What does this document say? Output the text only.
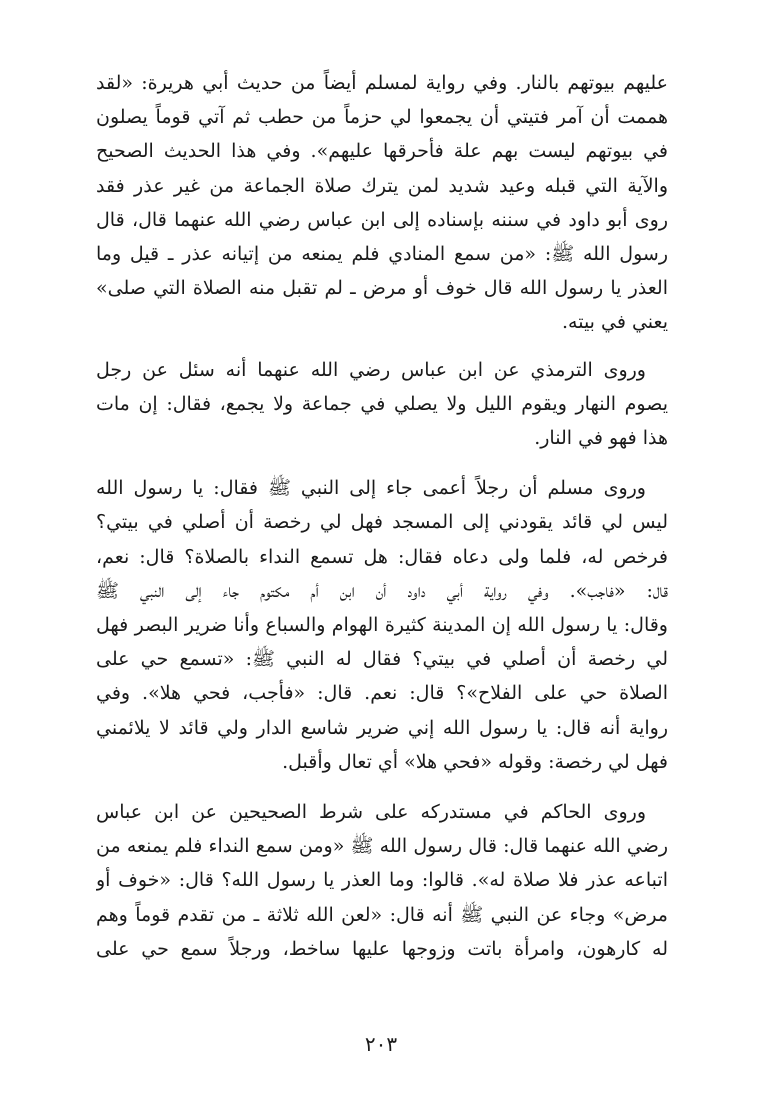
عليهم بيوتهم بالنار. وفي رواية لمسلم أيضاً من حديث أبي هريرة: «لقد
هممت أن آمر فتيتي أن يجمعوا لي حزماً من حطب ثم آتي قوماً يصلون
في بيوتهم ليست بهم علة فأحرقها عليهم». وفي هذا الحديث الصحيح
والآية التي قبله وعيد شديد لمن يترك صلاة الجماعة من غير عذر فقد
روى أبو داود في سننه بإسناده إلى ابن عباس رضي الله عنهما قال، قال
رسول الله ﷺ: «من سمع المنادي فلم يمنعه من إتيانه عذر ـ قيل وما
العذر يا رسول الله قال خوف أو مرض ـ لم تقبل منه الصلاة التي صلى»
يعني في بيته.

وروى الترمذي عن ابن عباس رضي الله عنهما أنه سئل عن رجل
يصوم النهار ويقوم الليل ولا يصلي في جماعة ولا يجمع، فقال: إن مات
هذا فهو في النار.

وروى مسلم أن رجلاً أعمى جاء إلى النبي ﷺ فقال: يا رسول الله
ليس لي قائد يقودني إلى المسجد فهل لي رخصة أن أصلي في بيتي؟
فرخص له، فلما ولى دعاه فقال: هل تسمع النداء بالصلاة؟ قال: نعم،
قال: «فاجب». وفي رواية أبي داود أن ابن أم مكتوم جاء إلى النبي ﷺ
وقال: يا رسول الله إن المدينة كثيرة الهوام والسباع وأنا ضرير البصر فهل
لي رخصة أن أصلي في بيتي؟ فقال له النبي ﷺ: «تسمع حي على
الصلاة حي على الفلاح»؟ قال: نعم. قال: «فأجب، فحي هلا». وفي
رواية أنه قال: يا رسول الله إني ضرير شاسع الدار ولي قائد لا يلائمني
فهل لي رخصة: وقوله «فحي هلا» أي تعال وأقبل.

وروى الحاكم في مستدركه على شرط الصحيحين عن ابن عباس
رضي الله عنهما قال: قال رسول الله ﷺ «ومن سمع النداء فلم يمنعه من
اتباعه عذر فلا صلاة له». قالوا: وما العذر يا رسول الله؟ قال: «خوف أو
مرض» وجاء عن النبي ﷺ أنه قال: «لعن الله ثلاثة ـ من تقدم قوماً وهم
له كارهون، وامرأة باتت وزوجها عليها ساخط، ورجلاً سمع حي على

٢٠٣
